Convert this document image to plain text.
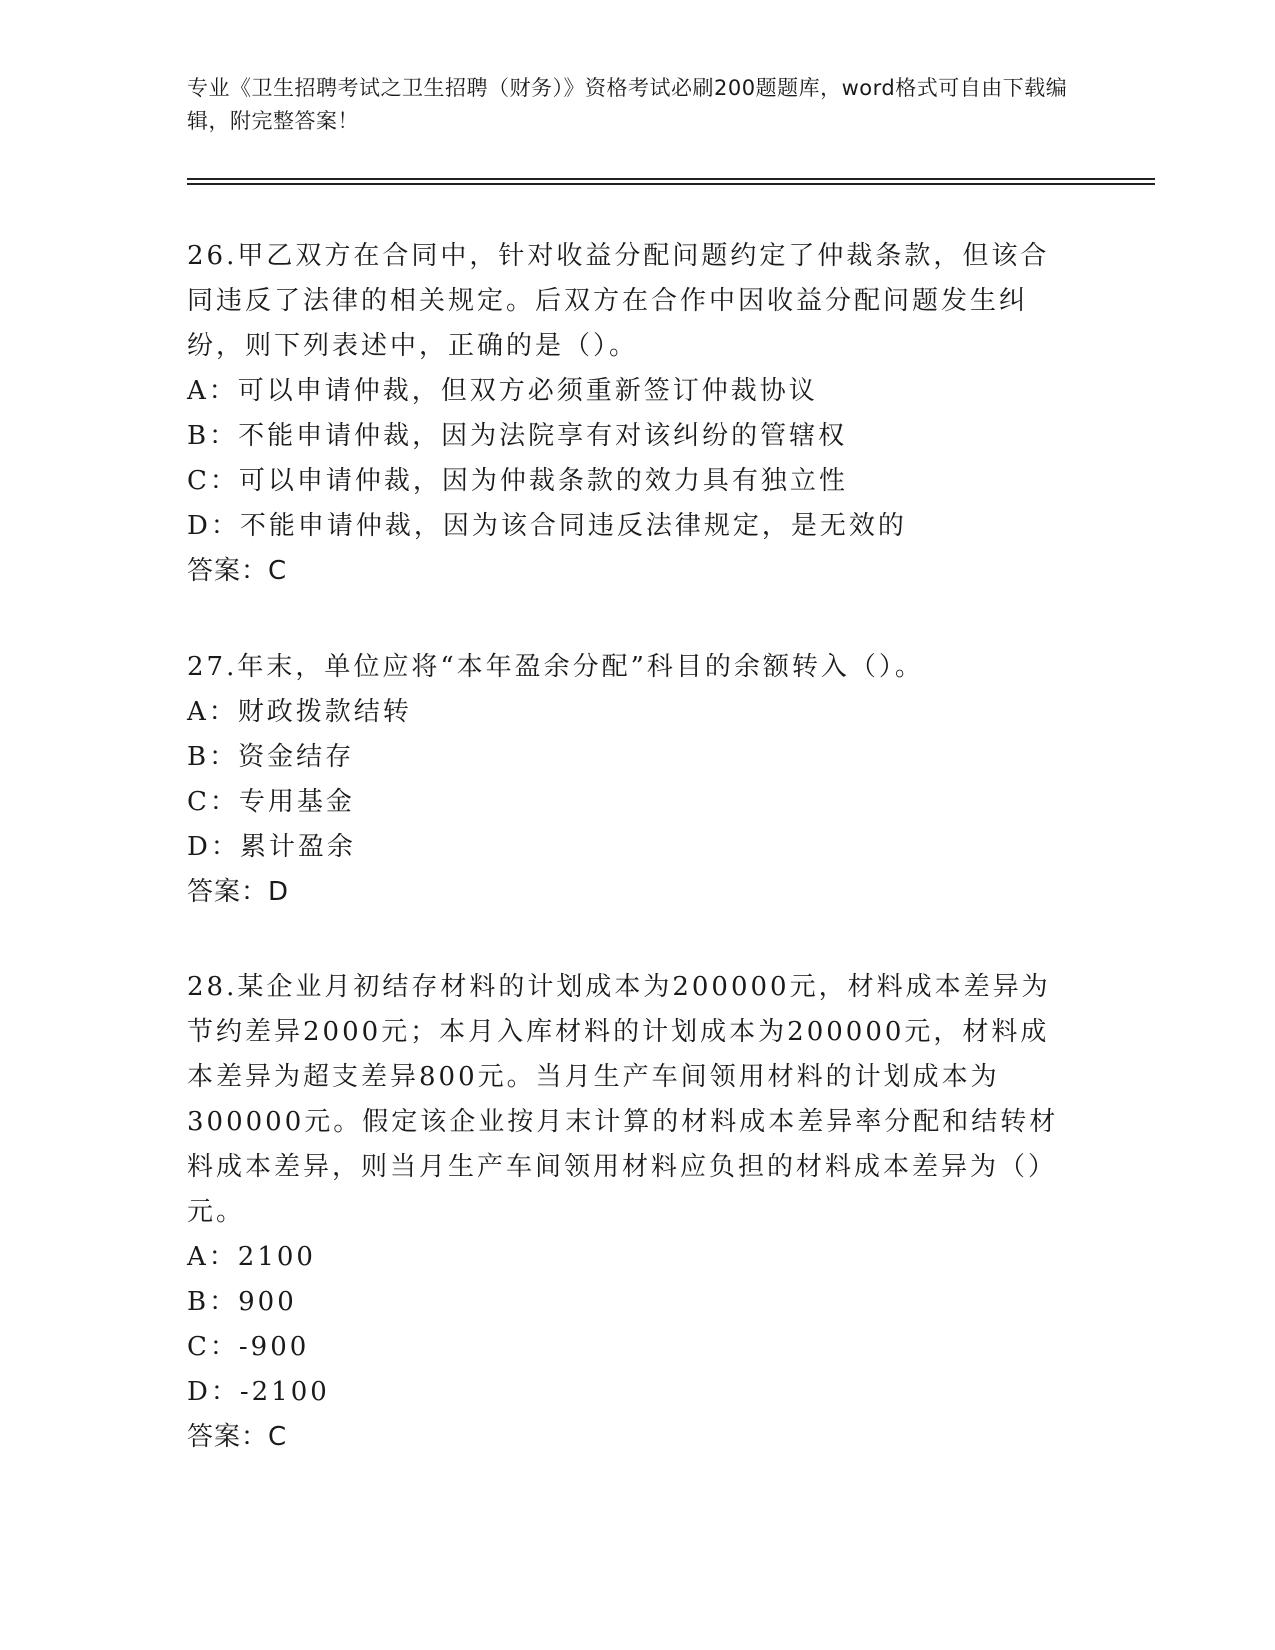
专业《卫生招聘考试之卫生招聘（财务）》资格考试必刷200题题库，word格式可自由下载编辑，附完整答案！

26.甲乙双方在合同中，针对收益分配问题约定了仲裁条款，但该合同违反了法律的相关规定。后双方在合作中因收益分配问题发生纠纷，则下列表述中，正确的是（）。

A：可以申请仲裁，但双方必须重新签订仲裁协议

B：不能申请仲裁，因为法院享有对该纠纷的管辖权

C：可以申请仲裁，因为仲裁条款的效力具有独立性

D：不能申请仲裁，因为该合同违反法律规定，是无效的

答案：C

27.年末，单位应将“本年盈余分配”科目的余额转入（）。

A：财政拨款结转

B：资金结存

C：专用基金

D：累计盈余

答案：D

28.某企业月初结存材料的计划成本为200000元，材料成本差异为节约差异2000元；本月入库材料的计划成本为200000元，材料成本差异为超支差异800元。当月生产车间领用材料的计划成本为300000元。假定该企业按月末计算的材料成本差异率分配和结转材料成本差异，则当月生产车间领用材料应负担的材料成本差异为（）元。

A：2100

B：900

C：-900

D：-2100

答案：C
